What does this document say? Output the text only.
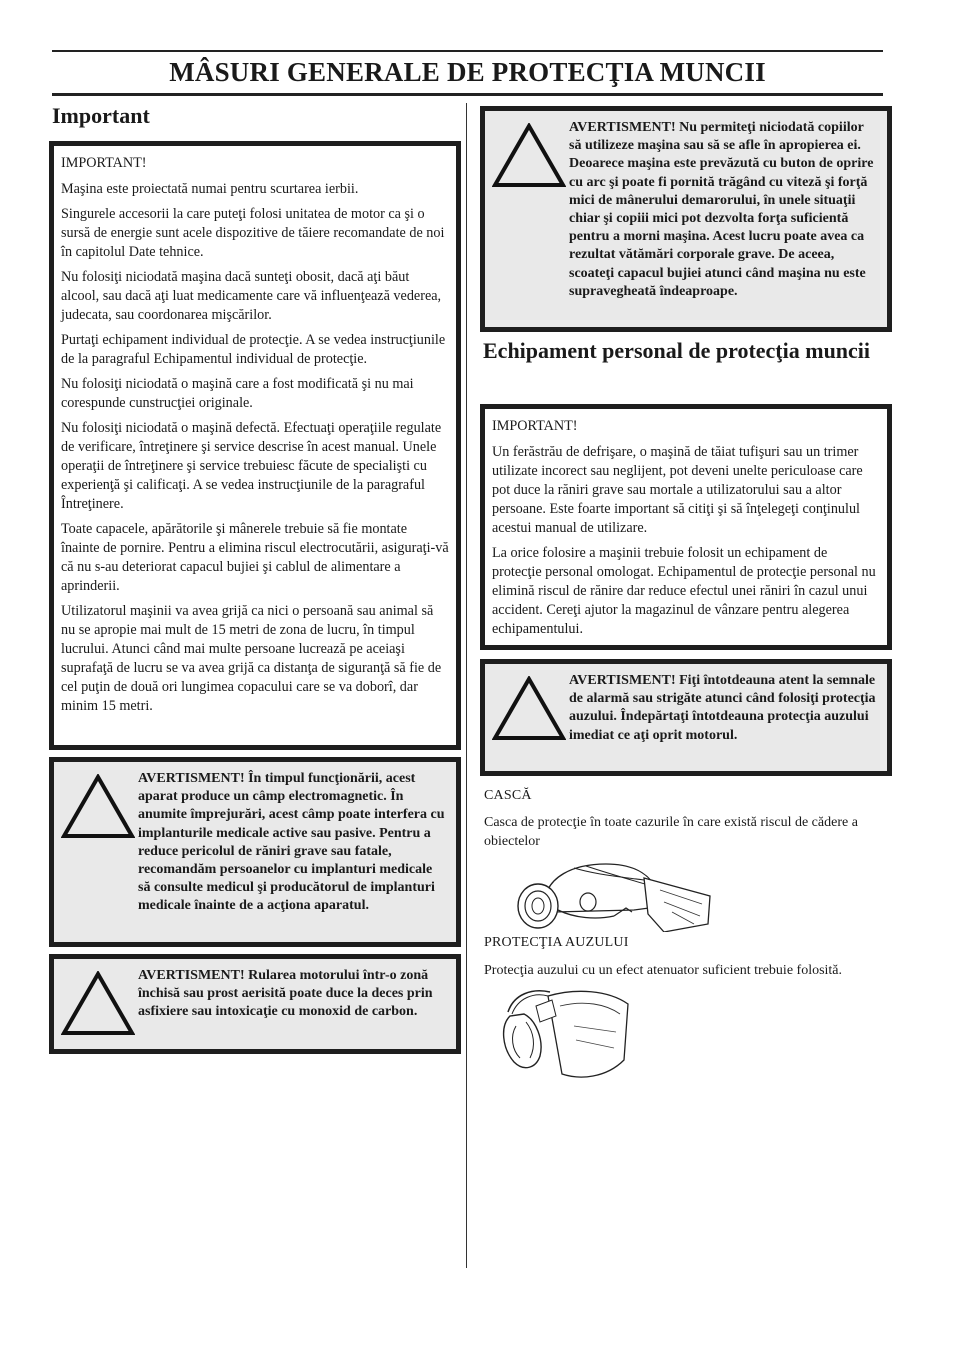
MÂSURI GENERALE DE PROTECŢIA MUNCII
Important

IMPORTANT!

Maşina este proiectată numai pentru scurtarea ierbii.

Singurele accesorii la care puteţi folosi unitatea de motor ca şi o sursă de energie sunt acele dispozitive de tăiere recomandate de noi în capitolul Date tehnice.

Nu folosiţi niciodată maşina dacă sunteţi obosit, dacă aţi băut alcool, sau dacă aţi luat medicamente care vă influenţează vederea, judecata, sau coordonarea mişcărilor.

Purtaţi echipament individual de protecţie. A se vedea instrucţiunile de la paragraful Echipamentul individual de protecţie.

Nu folosiţi niciodată o maşină care a fost modificată şi nu mai corespunde cunstrucţiei originale.

Nu folosiţi niciodată o maşină defectă. Efectuaţi operaţiile regulate de verificare, întreţinere şi service descrise în acest manual. Unele operaţii de întreţinere şi service trebuiesc făcute de specialişti cu experienţă şi calificaţi. A se vedea instrucţiunile de la paragraful Întreţinere.

Toate capacele, apărătorile şi mânerele trebuie să fie montate înainte de pornire. Pentru a elimina riscul electrocutării, asiguraţi-vă că nu s-au deteriorat capacul bujiei şi cablul de alimentare a aprinderii.

Utilizatorul maşinii va avea grijă ca nici o persoană sau animal să nu se apropie mai mult de 15 metri de zona de lucru, în timpul lucrului. Atunci când mai multe persoane lucrează pe aceiaşi suprafaţă de lucru se va avea grijă ca distanţa de siguranţă să fie de cel puţin de două ori lungimea copacului care se va doborî, dar minim 15 metri.

AVERTISMENT! În timpul funcţionării, acest aparat produce un câmp electromagnetic. În anumite împrejurări, acest câmp poate interfera cu implanturile medicale active sau pasive. Pentru a reduce pericolul de răniri grave sau fatale, recomandăm persoanelor cu implanturi medicale să consulte medicul şi producătorul de implanturi medicale înainte de a acţiona aparatul.
AVERTISMENT! Rularea motorului într-o zonă închisă sau prost aerisită poate duce la deces prin asfixiere sau intoxicaţie cu monoxid de carbon.
AVERTISMENT! Nu permiteţi niciodată copiilor să utilizeze maşina sau să se afle în apropierea ei. Deoarece maşina este prevăzută cu buton de oprire cu arc şi poate fi pornită trăgând cu viteză şi forţă mici de mânerului demarorului, în unele situaţii chiar şi copiii mici pot dezvolta forţa suficientă pentru a morni maşina. Acest lucru poate avea ca rezultat vătămări corporale grave. De aceea, scoateţi capacul bujiei atunci când maşina nu este supravegheată îndeaproape.
Echipament personal de protecţia muncii

IMPORTANT!

Un ferăstrău de defrişare, o maşină de tăiat tufişuri sau un trimer utilizate incorect sau neglijent, pot deveni unelte periculoase care pot duce la răniri grave sau mortale a utilizatorului sau a altor persoane. Este foarte important să citiţi şi să înţelegeţi conţinulul acestui manual de utilizare.

La orice folosire a maşinii trebuie folosit un echipament de protecţie personal omologat. Echipamentul de protecţie personal nu elimină riscul de rănire dar reduce efectul unei răniri în cazul unui accident. Cereţi ajutor la magazinul de vânzare pentru alegerea echipamentului.

AVERTISMENT! Fiţi întotdeauna atent la semnale de alarmă sau strigăte atunci când folosiţi protecţia auzului. Îndepărtaţi întotdeauna protecţia auzului imediat ce aţi oprit motorul.
CASCĂ
Casca de protecţie în toate cazurile în care există riscul de cădere a obiectelor
PROTECŢIA AUZULUI
Protecţia auzului cu un efect atenuator suficient trebuie folosită.
